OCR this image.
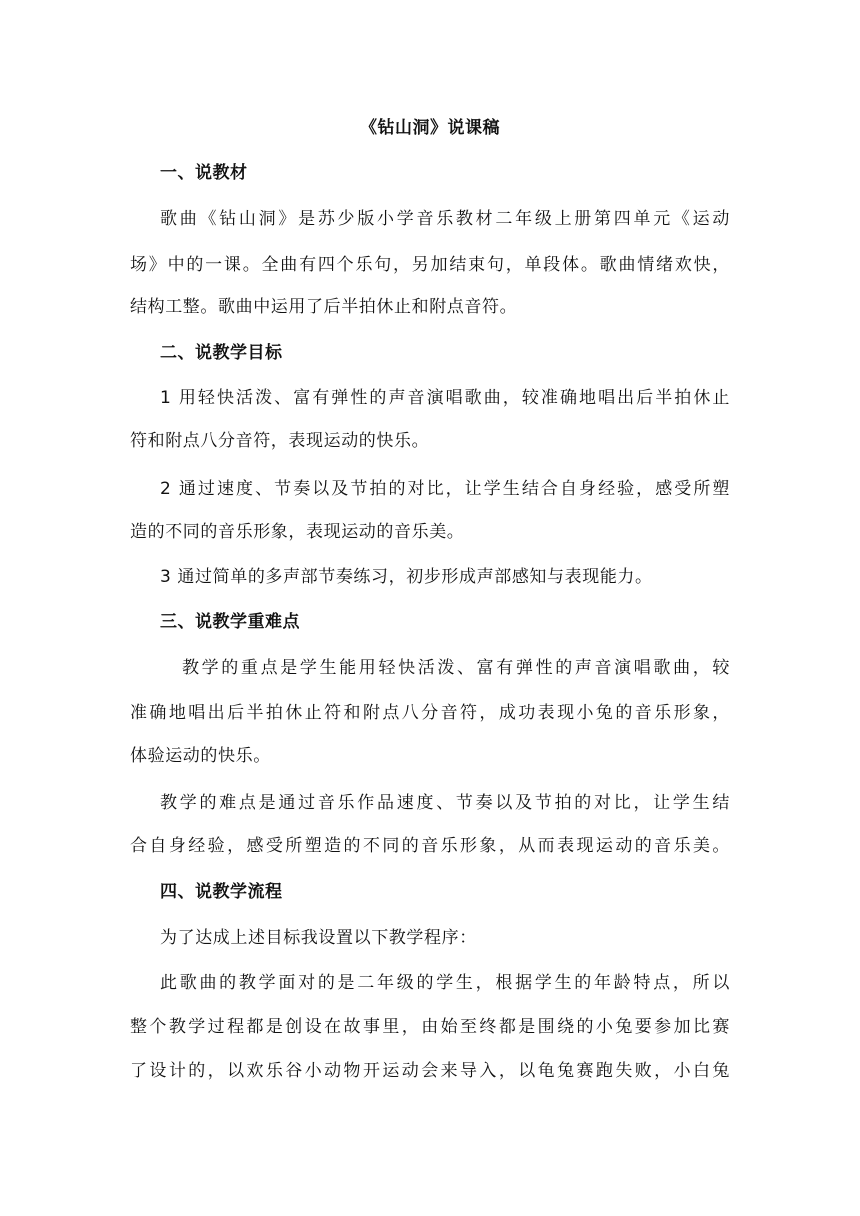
《钻山洞》说课稿
一、说教材
歌曲《钻山洞》是苏少版小学音乐教材二年级上册第四单元《运动
场》中的一课。全曲有四个乐句，另加结束句，单段体。歌曲情绪欢快，
结构工整。歌曲中运用了后半拍休止和附点音符。
二、说教学目标
1 用轻快活泼、富有弹性的声音演唱歌曲，较准确地唱出后半拍休止
符和附点八分音符，表现运动的快乐。
2 通过速度、节奏以及节拍的对比，让学生结合自身经验，感受所塑
造的不同的音乐形象，表现运动的音乐美。
3 通过简单的多声部节奏练习，初步形成声部感知与表现能力。
三、说教学重难点
教学的重点是学生能用轻快活泼、富有弹性的声音演唱歌曲，较
准确地唱出后半拍休止符和附点八分音符，成功表现小兔的音乐形象，
体验运动的快乐。
教学的难点是通过音乐作品速度、节奏以及节拍的对比，让学生结
合自身经验，感受所塑造的不同的音乐形象，从而表现运动的音乐美。
四、说教学流程
为了达成上述目标我设置以下教学程序：
此歌曲的教学面对的是二年级的学生，根据学生的年龄特点，所以
整个教学过程都是创设在故事里，由始至终都是围绕的小兔要参加比赛
了设计的，以欢乐谷小动物开运动会来导入，以龟兔赛跑失败，小白兔
